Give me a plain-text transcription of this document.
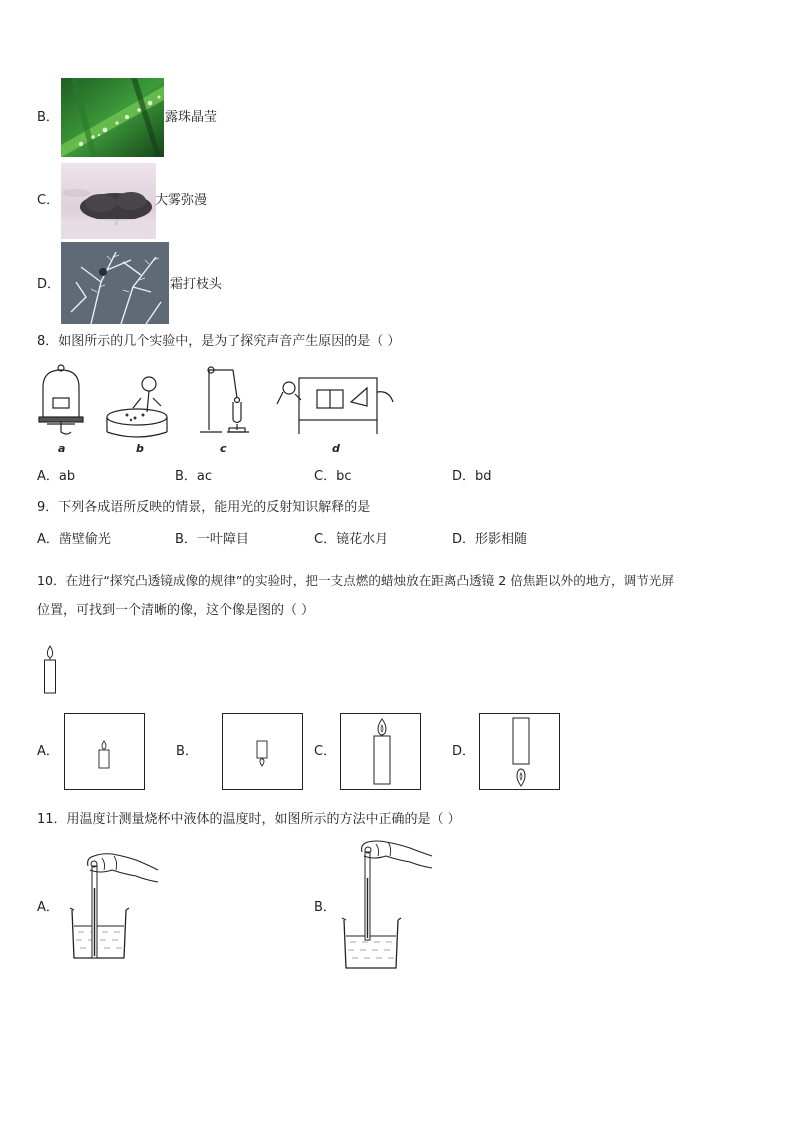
B．	露珠晶莹
C．	大雾弥漫
D．	霜打枝头
8．如图所示的几个实验中，是为了探究声音产生原因的是（ ）
a	b	c	d
A．ab	B．ac	C．bc	D．bd
9．下列各成语所反映的情景，能用光的反射知识解释的是
A．凿壁偷光	B．一叶障目	C．镜花水月	D．形影相随
10．在进行“探究凸透镜成像的规律”的实验时，把一支点燃的蜡烛放在距离凸透镜 2 倍焦距以外的地方，调节光屏
位置，可找到一个清晰的像，这个像是图的（ ）
A．	B．	C．	D．
11．用温度计测量烧杯中液体的温度时，如图所示的方法中正确的是（ ）
A．	B．
